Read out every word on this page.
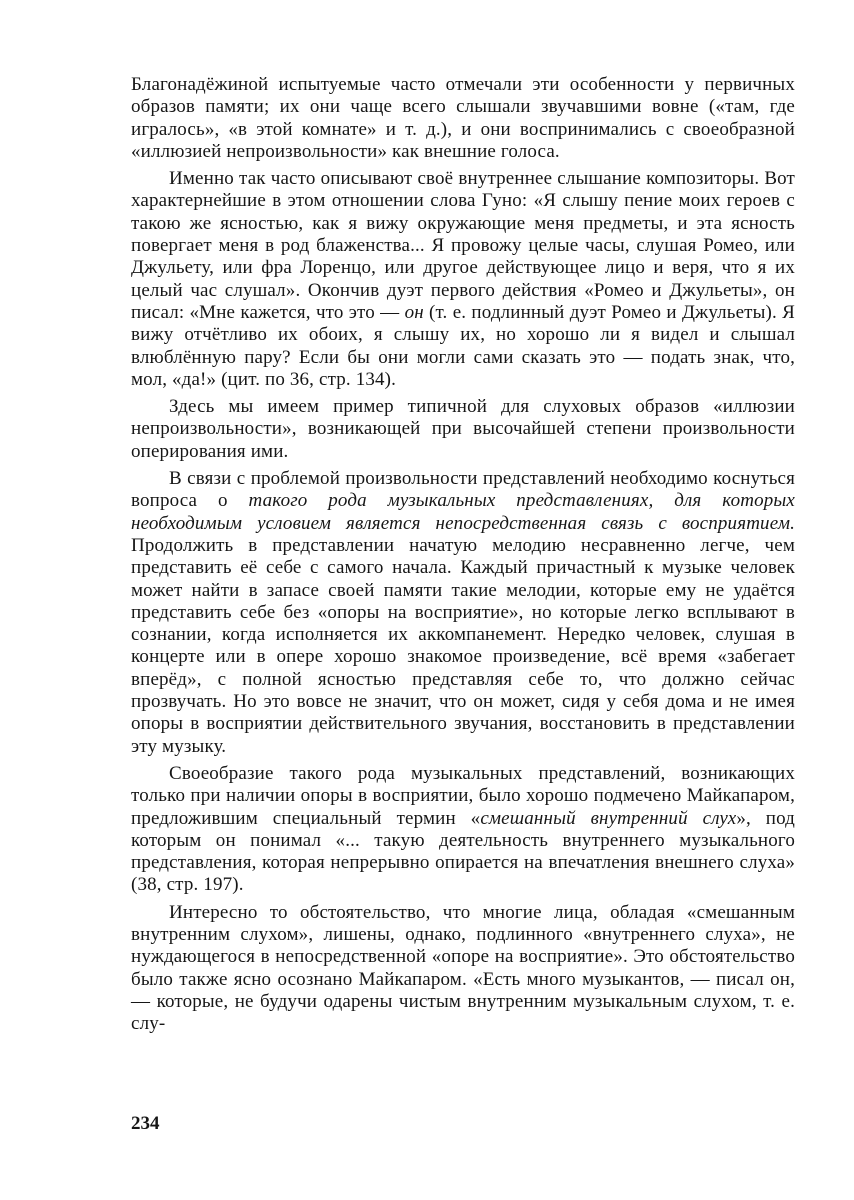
Благонадёжиной испытуемые часто отмечали эти особенности у первичных образов памяти; их они чаще всего слышали звучавшими вовне («там, где игралось», «в этой комнате» и т. д.), и они воспринимались с своеобразной «иллюзией непроизвольности» как внешние голоса.

Именно так часто описывают своё внутреннее слышание композиторы. Вот характернейшие в этом отношении слова Гуно: «Я слышу пение моих героев с такою же ясностью, как я вижу окружающие меня предметы, и эта ясность повергает меня в род блаженства... Я провожу целые часы, слушая Ромео, или Джульету, или фра Лоренцо, или другое действующее лицо и веря, что я их целый час слушал». Окончив дуэт первого действия «Ромео и Джульеты», он писал: «Мне кажется, что это — он (т. е. подлинный дуэт Ромео и Джульеты). Я вижу отчётливо их обоих, я слышу их, но хорошо ли я видел и слышал влюблённую пару? Если бы они могли сами сказать это — подать знак, что, мол, «да!» (цит. по 36, стр. 134).

Здесь мы имеем пример типичной для слуховых образов «иллюзии непроизвольности», возникающей при высочайшей степени произвольности оперирования ими.

В связи с проблемой произвольности представлений необходимо коснуться вопроса о такого рода музыкальных представлениях, для которых необходимым условием является непосредственная связь с восприятием. Продолжить в представлении начатую мелодию несравненно легче, чем представить её себе с самого начала. Каждый причастный к музыке человек может найти в запасе своей памяти такие мелодии, которые ему не удаётся представить себе без «опоры на восприятие», но которые легко всплывают в сознании, когда исполняется их аккомпанемент. Нередко человек, слушая в концерте или в опере хорошо знакомое произведение, всё время «забегает вперёд», с полной ясностью представляя себе то, что должно сейчас прозвучать. Но это вовсе не значит, что он может, сидя у себя дома и не имея опоры в восприятии действительного звучания, восстановить в представлении эту музыку.

Своеобразие такого рода музыкальных представлений, возникающих только при наличии опоры в восприятии, было хорошо подмечено Майкапаром, предложившим специальный термин «смешанный внутренний слух», под которым он понимал «... такую деятельность внутреннего музыкального представления, которая непрерывно опирается на впечатления внешнего слуха» (38, стр. 197).

Интересно то обстоятельство, что многие лица, обладая «смешанным внутренним слухом», лишены, однако, подлинного «внутреннего слуха», не нуждающегося в непосредственной «опоре на восприятие». Это обстоятельство было также ясно осознано Майкапаром. «Есть много музыкантов, — писал он, — которые, не будучи одарены чистым внутренним музыкальным слухом, т. е. слу-

234
